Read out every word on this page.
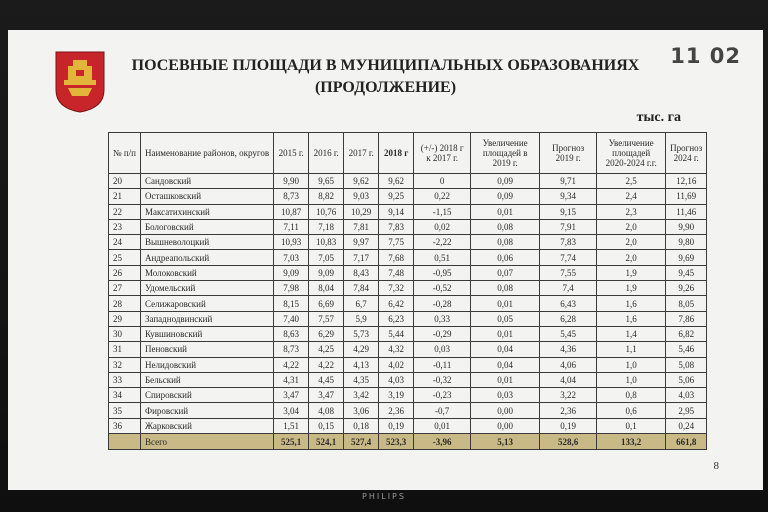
11 02
ПОСЕВНЫЕ ПЛОЩАДИ В МУНИЦИПАЛЬНЫХ ОБРАЗОВАНИЯХ
(ПРОДОЛЖЕНИЕ)
тыс. га
8
№ п/п	Наименование районов, округов	2015 г.	2016 г.	2017 г.	2018 г	(+/-) 2018 г к 2017 г.	Увеличение площадей в 2019 г.	Прогноз 2019 г.	Увеличение площадей 2020-2024 г.г.	Прогноз 2024 г.
20	Сандовский	9,90	9,65	9,62	9,62	0	0,09	9,71	2,5	12,16
21	Осташковский	8,73	8,82	9,03	9,25	0,22	0,09	9,34	2,4	11,69
22	Максатихинский	10,87	10,76	10,29	9,14	-1,15	0,01	9,15	2,3	11,46
23	Бологовский	7,11	7,18	7,81	7,83	0,02	0,08	7,91	2,0	9,90
24	Вышневолоцкий	10,93	10,83	9,97	7,75	-2,22	0,08	7,83	2,0	9,80
25	Андреапольский	7,03	7,05	7,17	7,68	0,51	0,06	7,74	2,0	9,69
26	Молоковский	9,09	9,09	8,43	7,48	-0,95	0,07	7,55	1,9	9,45
27	Удомельский	7,98	8,04	7,84	7,32	-0,52	0,08	7,4	1,9	9,26
28	Селижаровский	8,15	6,69	6,7	6,42	-0,28	0,01	6,43	1,6	8,05
29	Западнодвинский	7,40	7,57	5,9	6,23	0,33	0,05	6,28	1,6	7,86
30	Кувшиновский	8,63	6,29	5,73	5,44	-0,29	0,01	5,45	1,4	6,82
31	Пеновский	8,73	4,25	4,29	4,32	0,03	0,04	4,36	1,1	5,46
32	Нелидовский	4,22	4,22	4,13	4,02	-0,11	0,04	4,06	1,0	5,08
33	Бельский	4,31	4,45	4,35	4,03	-0,32	0,01	4,04	1,0	5,06
34	Спировский	3,47	3,47	3,42	3,19	-0,23	0,03	3,22	0,8	4,03
35	Фировский	3,04	4,08	3,06	2,36	-0,7	0,00	2,36	0,6	2,95
36	Жарковский	1,51	0,15	0,18	0,19	0,01	0,00	0,19	0,1	0,24
	Всего	525,1	524,1	527,4	523,3	-3,96	5,13	528,6	133,2	661,8
PHILIPS
